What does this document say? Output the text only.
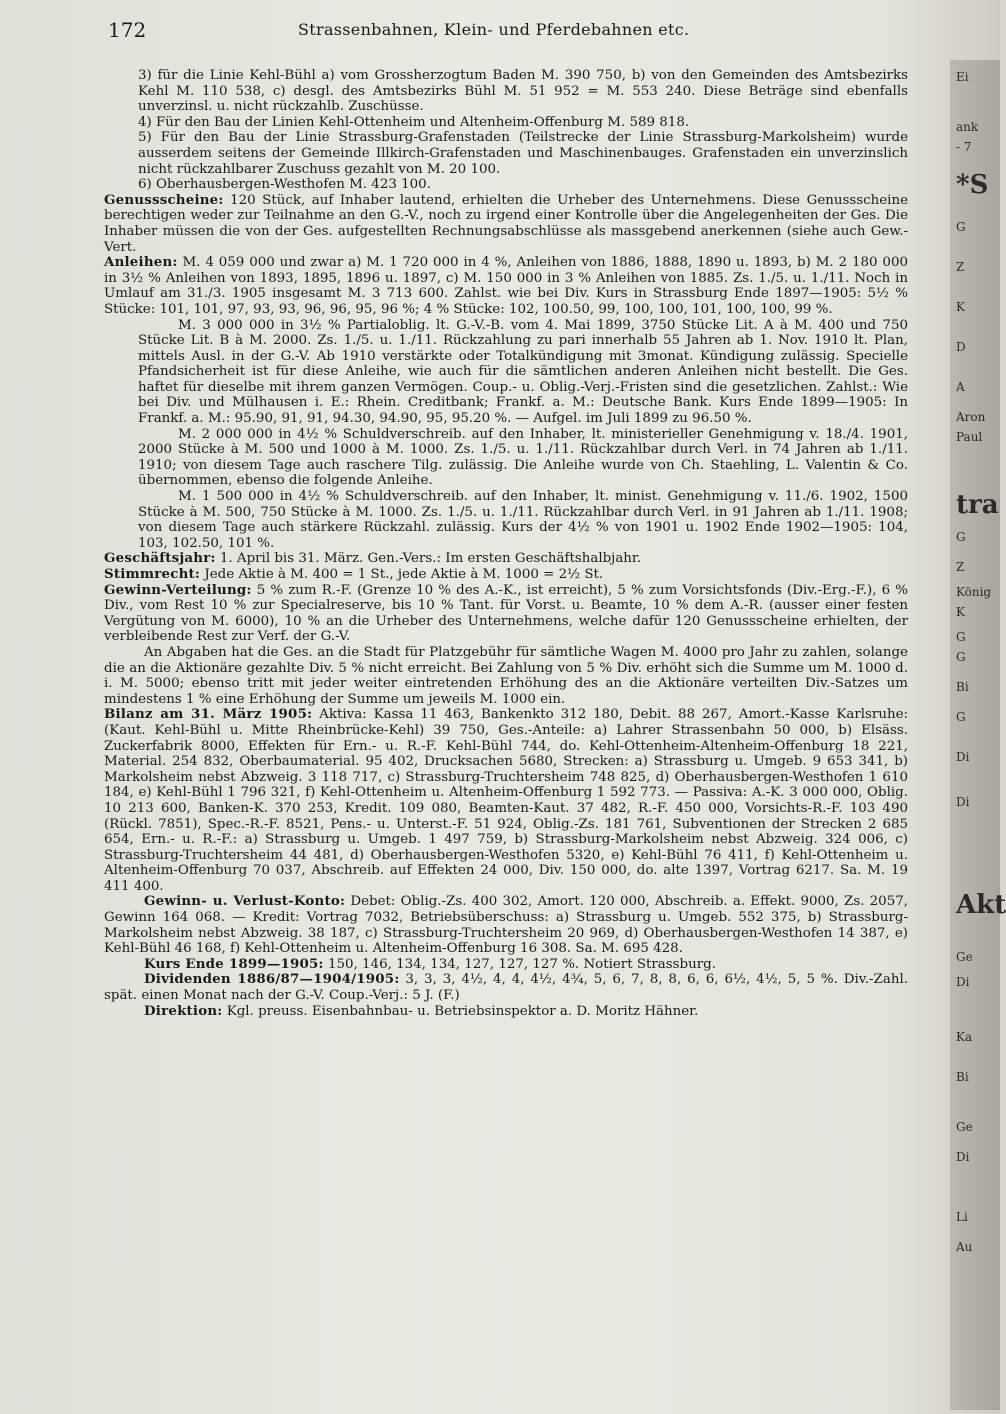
172	Strassenbahnen, Klein- und Pferdebahnen etc.

3) für die Linie Kehl-Bühl a) vom Grossherzogtum Baden M. 390 750, b) von den Gemeinden des Amtsbezirks Kehl M. 110 538, c) desgl. des Amtsbezirks Bühl M. 51 952 = M. 553 240. Diese Beträge sind ebenfalls unverzinsl. u. nicht rückzahlb. Zuschüsse.

4) Für den Bau der Linien Kehl-Ottenheim und Altenheim-Offenburg M. 589 818.

5) Für den Bau der Linie Strassburg-Grafenstaden (Teilstrecke der Linie Strassburg-Markolsheim) wurde ausserdem seitens der Gemeinde Illkirch-Grafenstaden und Maschinenbauges. Grafenstaden ein unverzinslich nicht rückzahlbarer Zuschuss gezahlt von M. 20 100.

6) Oberhausbergen-Westhofen M. 423 100.

Genussscheine: 120 Stück, auf Inhaber lautend, erhielten die Urheber des Unternehmens. Diese Genussscheine berechtigen weder zur Teilnahme an den G.-V., noch zu irgend einer Kontrolle über die Angelegenheiten der Ges. Die Inhaber müssen die von der Ges. aufgestellten Rechnungsabschlüsse als massgebend anerkennen (siehe auch Gew.-Vert.

Anleihen: M. 4 059 000 und zwar a) M. 1 720 000 in 4 %, Anleihen von 1886, 1888, 1890 u. 1893, b) M. 2 180 000 in 3½ % Anleihen von 1893, 1895, 1896 u. 1897, c) M. 150 000 in 3 % Anleihen von 1885. Zs. 1./5. u. 1./11. Noch in Umlauf am 31./3. 1905 insgesamt M. 3 713 600. Zahlst. wie bei Div. Kurs in Strassburg Ende 1897—1905: 5½ % Stücke: 101, 101, 97, 93, 93, 96, 96, 95, 96 %; 4 % Stücke: 102, 100.50, 99, 100, 100, 101, 100, 100, 99 %.

M. 3 000 000 in 3½ % Partialoblig. lt. G.-V.-B. vom 4. Mai 1899, 3750 Stücke Lit. A à M. 400 und 750 Stücke Lit. B à M. 2000. Zs. 1./5. u. 1./11. Rückzahlung zu pari innerhalb 55 Jahren ab 1. Nov. 1910 lt. Plan, mittels Ausl. in der G.-V. Ab 1910 verstärkte oder Totalkündigung mit 3monat. Kündigung zulässig. Specielle Pfandsicherheit ist für diese Anleihe, wie auch für die sämtlichen anderen Anleihen nicht bestellt. Die Ges. haftet für dieselbe mit ihrem ganzen Vermögen. Coup.- u. Oblig.-Verj.-Fristen sind die gesetzlichen. Zahlst.: Wie bei Div. und Mülhausen i. E.: Rhein. Creditbank; Frankf. a. M.: Deutsche Bank. Kurs Ende 1899—1905: In Frankf. a. M.: 95.90, 91, 91, 94.30, 94.90, 95, 95.20 %. — Aufgel. im Juli 1899 zu 96.50 %.

M. 2 000 000 in 4½ % Schuldverschreib. auf den Inhaber, lt. ministerieller Genehmigung v. 18./4. 1901, 2000 Stücke à M. 500 und 1000 à M. 1000. Zs. 1./5. u. 1./11. Rückzahlbar durch Verl. in 74 Jahren ab 1./11. 1910; von diesem Tage auch raschere Tilg. zulässig. Die Anleihe wurde von Ch. Staehling, L. Valentin & Co. übernommen, ebenso die folgende Anleihe.

M. 1 500 000 in 4½ % Schuldverschreib. auf den Inhaber, lt. minist. Genehmigung v. 11./6. 1902, 1500 Stücke à M. 500, 750 Stücke à M. 1000. Zs. 1./5. u. 1./11. Rückzahlbar durch Verl. in 91 Jahren ab 1./11. 1908; von diesem Tage auch stärkere Rückzahl. zulässig. Kurs der 4½ % von 1901 u. 1902 Ende 1902—1905: 104, 103, 102.50, 101 %.

Geschäftsjahr: 1. April bis 31. März. Gen.-Vers.: Im ersten Geschäftshalbjahr.

Stimmrecht: Jede Aktie à M. 400 = 1 St., jede Aktie à M. 1000 = 2½ St.

Gewinn-Verteilung: 5 % zum R.-F. (Grenze 10 % des A.-K., ist erreicht), 5 % zum Vorsichtsfonds (Div.-Erg.-F.), 6 % Div., vom Rest 10 % zur Specialreserve, bis 10 % Tant. für Vorst. u. Beamte, 10 % dem A.-R. (ausser einer festen Vergütung von M. 6000), 10 % an die Urheber des Unternehmens, welche dafür 120 Genussscheine erhielten, der verbleibende Rest zur Verf. der G.-V.

An Abgaben hat die Ges. an die Stadt für Platzgebühr für sämtliche Wagen M. 4000 pro Jahr zu zahlen, solange die an die Aktionäre gezahlte Div. 5 % nicht erreicht. Bei Zahlung von 5 % Div. erhöht sich die Summe um M. 1000 d. i. M. 5000; ebenso tritt mit jeder weiter eintretenden Erhöhung des an die Aktionäre verteilten Div.-Satzes um mindestens 1 % eine Erhöhung der Summe um jeweils M. 1000 ein.

Bilanz am 31. März 1905: Aktiva: Kassa 11 463, Bankenkto 312 180, Debit. 88 267, Amort.-Kasse Karlsruhe: (Kaut. Kehl-Bühl u. Mitte Rheinbrücke-Kehl) 39 750, Ges.-Anteile: a) Lahrer Strassenbahn 50 000, b) Elsäss. Zuckerfabrik 8000, Effekten für Ern.- u. R.-F. Kehl-Bühl 744, do. Kehl-Ottenheim-Altenheim-Offenburg 18 221, Material. 254 832, Oberbaumaterial. 95 402, Drucksachen 5680, Strecken: a) Strassburg u. Umgeb. 9 653 341, b) Markolsheim nebst Abzweig. 3 118 717, c) Strassburg-Truchtersheim 748 825, d) Oberhausbergen-Westhofen 1 610 184, e) Kehl-Bühl 1 796 321, f) Kehl-Ottenheim u. Altenheim-Offenburg 1 592 773. — Passiva: A.-K. 3 000 000, Oblig. 10 213 600, Banken-K. 370 253, Kredit. 109 080, Beamten-Kaut. 37 482, R.-F. 450 000, Vorsichts-R.-F. 103 490 (Rückl. 7851), Spec.-R.-F. 8521, Pens.- u. Unterst.-F. 51 924, Oblig.-Zs. 181 761, Subventionen der Strecken 2 685 654, Ern.- u. R.-F.: a) Strassburg u. Umgeb. 1 497 759, b) Strassburg-Markolsheim nebst Abzweig. 324 006, c) Strassburg-Truchtersheim 44 481, d) Oberhausbergen-Westhofen 5320, e) Kehl-Bühl 76 411, f) Kehl-Ottenheim u. Altenheim-Offenburg 70 037, Abschreib. auf Effekten 24 000, Div. 150 000, do. alte 1397, Vortrag 6217. Sa. M. 19 411 400.

Gewinn- u. Verlust-Konto: Debet: Oblig.-Zs. 400 302, Amort. 120 000, Abschreib. a. Effekt. 9000, Zs. 2057, Gewinn 164 068. — Kredit: Vortrag 7032, Betriebsüberschuss: a) Strassburg u. Umgeb. 552 375, b) Strassburg-Markolsheim nebst Abzweig. 38 187, c) Strassburg-Truchtersheim 20 969, d) Oberhausbergen-Westhofen 14 387, e) Kehl-Bühl 46 168, f) Kehl-Ottenheim u. Altenheim-Offenburg 16 308. Sa. M. 695 428.

Kurs Ende 1899—1905: 150, 146, 134, 134, 127, 127, 127 %. Notiert Strassburg.

Dividenden 1886/87—1904/1905: 3, 3, 3, 4½, 4, 4, 4½, 4¾, 5, 6, 7, 8, 8, 6, 6, 6½, 4½, 5, 5 %. Div.-Zahl. spät. einen Monat nach der G.-V. Coup.-Verj.: 5 J. (F.)

Direktion: Kgl. preuss. Eisenbahnbau- u. Betriebsinspektor a. D. Moritz Hähner.

Ei
ank
- 7
*S
G
Z
K
D
A
Aron
Paul
tra
G
Z
König
K
G
G
Bi
G
Di
Di
Akt
Ge
Di
Ka
Bi
Ge
Di
Li
Au
